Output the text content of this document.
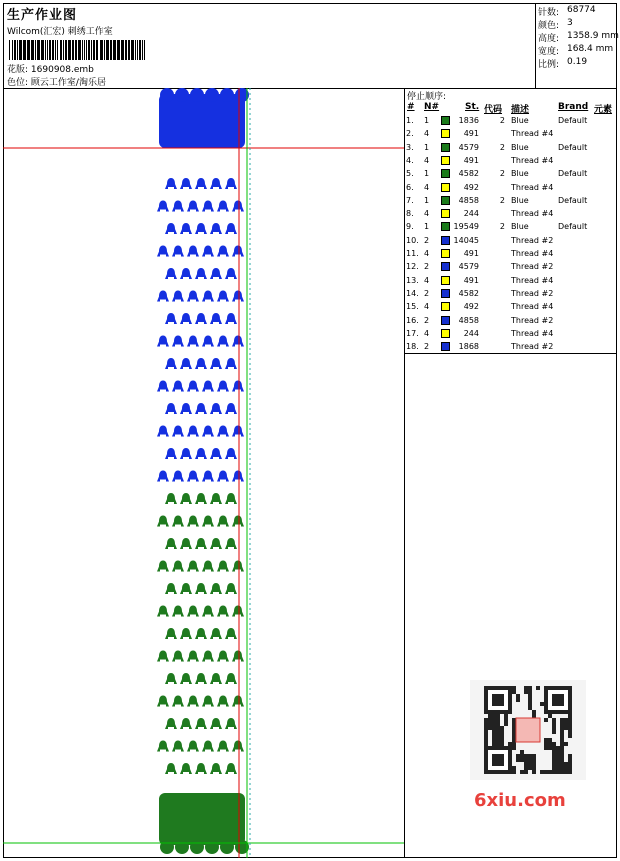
生产作业图
Wilcom(汇宏) 刺绣工作室
花版: 1690908.emb
色位: 顾云工作室/淘乐居
针数: 68774
颜色: 3
高度: 1358.9 mm
宽度: 168.4 mm
比例: 0.19
停止顺序:
# N#	St. 代码 描述	Brand 元素
1. 1	1836	2 Blue	Default
2. 4	491	Thread #4
3. 1	4579	2 Blue	Default
4. 4	491	Thread #4
5. 1	4582	2 Blue	Default
6. 4	492	Thread #4
7. 1	4858	2 Blue	Default
8. 4	244	Thread #4
9. 1	19549	2 Blue	Default
10. 2	14045	Thread #2
11. 4	491	Thread #4
12. 2	4579	Thread #2
13. 4	491	Thread #4
14. 2	4582	Thread #2
15. 4	492	Thread #4
16. 2	4858	Thread #2
17. 4	244	Thread #4
18. 2	1868	Thread #2
6xiu.com
